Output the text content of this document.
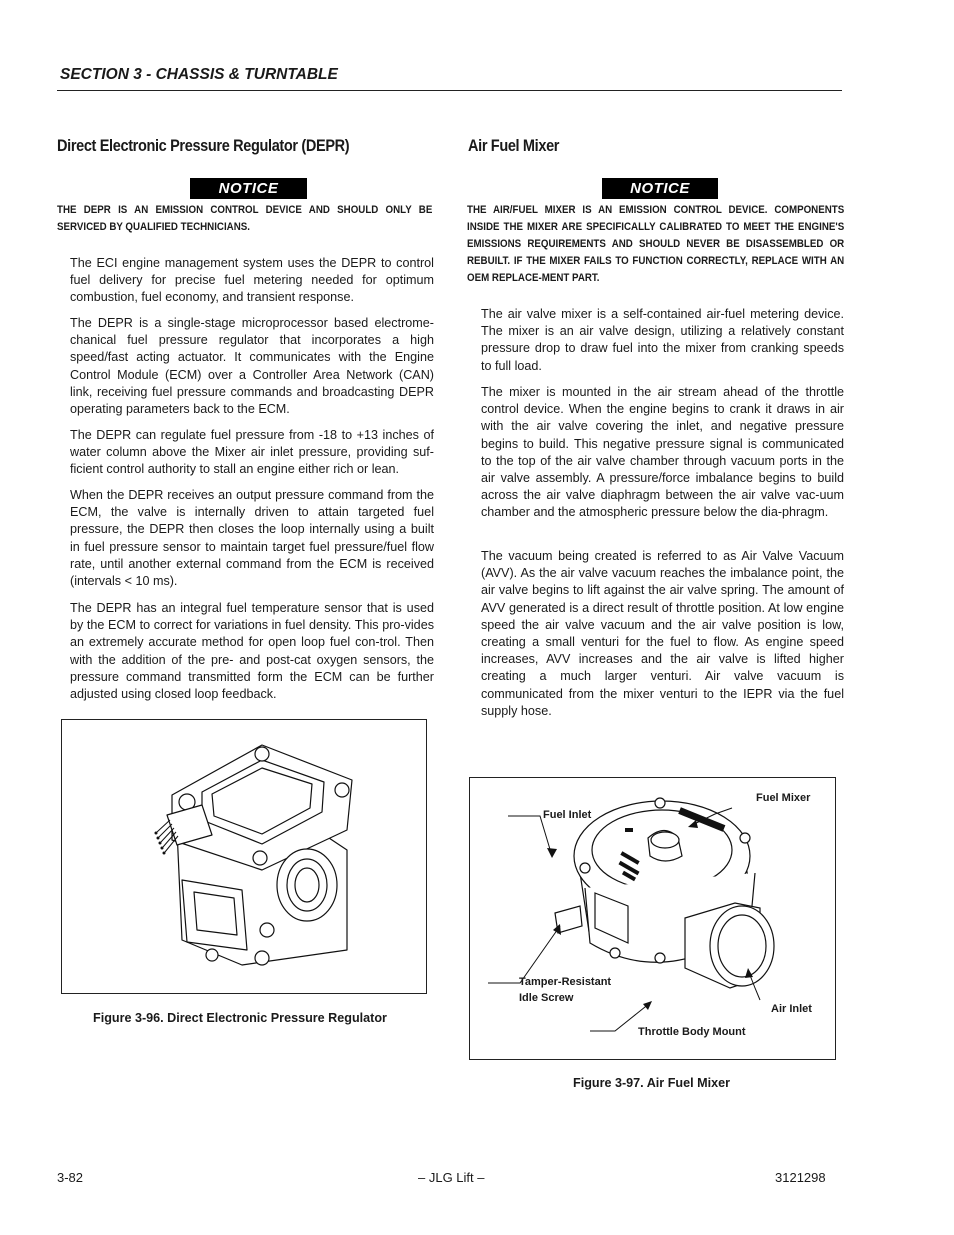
SECTION 3 - CHASSIS & TURNTABLE
Direct Electronic Pressure Regulator (DEPR)
NOTICE
THE DEPR IS AN EMISSION CONTROL DEVICE AND SHOULD ONLY BE SERVICED BY QUALIFIED TECHNICIANS.

The ECI engine management system uses the DEPR to control fuel delivery for precise fuel metering needed for optimum combustion, fuel economy, and transient response.

The DEPR is a single-stage microprocessor based electrome-chanical fuel pressure regulator that incorporates a high speed/fast acting actuator. It communicates with the Engine Control Module (ECM) over a Controller Area Network (CAN) link, receiving fuel pressure commands and broadcasting DEPR operating parameters back to the ECM.

The DEPR can regulate fuel pressure from -18 to +13 inches of water column above the Mixer air inlet pressure, providing suf-ficient control authority to stall an engine either rich or lean.

When the DEPR receives an output pressure command from the ECM, the valve is internally driven to attain targeted fuel pressure, the DEPR then closes the loop internally using a built in fuel pressure sensor to maintain target fuel pressure/fuel flow rate, until another external command from the ECM is received (intervals < 10 ms).

The DEPR has an integral fuel temperature sensor that is used by the ECM to correct for variations in fuel density. This pro-vides an extremely accurate method for open loop fuel con-trol. Then with the addition of the pre- and post-cat oxygen sensors, the pressure command transmitted form the ECM can be further adjusted using closed loop feedback.

Figure 3-96. Direct Electronic Pressure Regulator
Air Fuel Mixer
NOTICE
THE AIR/FUEL MIXER IS AN EMISSION CONTROL DEVICE. COMPONENTS INSIDE THE MIXER ARE SPECIFICALLY CALIBRATED TO MEET THE ENGINE'S EMISSIONS REQUIREMENTS AND SHOULD NEVER BE DISASSEMBLED OR REBUILT. IF THE MIXER FAILS TO FUNCTION CORRECTLY, REPLACE WITH AN OEM REPLACE-MENT PART.

The air valve mixer is a self-contained air-fuel metering device. The mixer is an air valve design, utilizing a relatively constant pressure drop to draw fuel into the mixer from cranking speeds to full load.

The mixer is mounted in the air stream ahead of the throttle control device. When the engine begins to crank it draws in air with the air valve covering the inlet, and negative pressure begins to build. This negative pressure signal is communicated to the top of the air valve chamber through vacuum ports in the air valve assembly. A pressure/force imbalance begins to build across the air valve diaphragm between the air valve vac-uum chamber and the atmospheric pressure below the dia-phragm.

The vacuum being created is referred to as Air Valve Vacuum (AVV). As the air valve vacuum reaches the imbalance point, the air valve begins to lift against the air valve spring. The amount of AVV generated is a direct result of throttle position. At low engine speed the air valve vacuum and the air valve position is low, creating a small venturi for the fuel to flow. As engine speed increases, AVV increases and the air valve is lifted higher creating a much larger venturi. Air valve vacuum is communicated from the mixer venturi to the IEPR via the fuel supply hose.

Fuel Inlet
Fuel Mixer
Tamper-Resistant
Idle Screw
Air Inlet
Throttle Body Mount
Figure 3-97. Air Fuel Mixer
3-82	– JLG Lift –	3121298
